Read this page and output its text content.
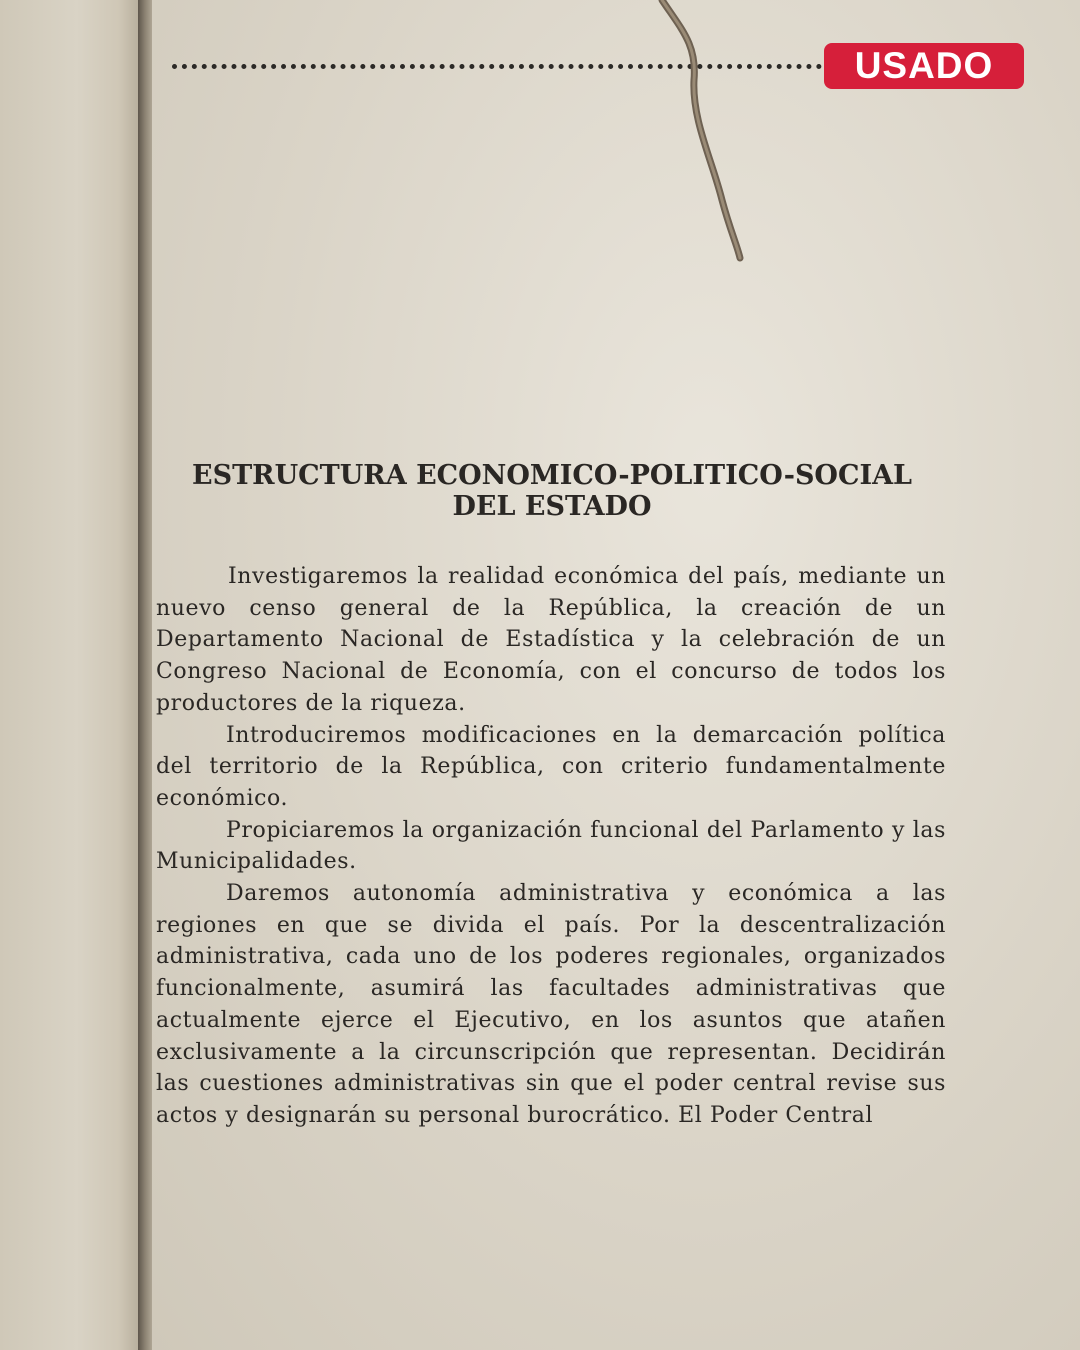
ESTRUCTURA ECONOMICO-POLITICO-SOCIAL
DEL ESTADO

Investigaremos la realidad económica del país, mediante un nuevo censo general de la República, la creación de un Departamento Nacional de Estadística y la celebración de un Congreso Nacional de Economía, con el concurso de todos los productores de la riqueza.

Introduciremos modificaciones en la demarcación política del territorio de la República, con criterio fundamentalmente económico.

Propiciaremos la organización funcional del Parlamento y las Municipalidades.

Daremos autonomía administrativa y económica a las regiones en que se divida el país. Por la descentralización administrativa, cada uno de los poderes regionales, organizados funcionalmente, asumirá las facultades administrativas que actualmente ejerce el Ejecutivo, en los asuntos que atañen exclusivamente a la circunscripción que representan. Decidirán las cuestiones administrativas sin que el poder central revise sus actos y designarán su personal burocrático. El Poder Central

USADO
